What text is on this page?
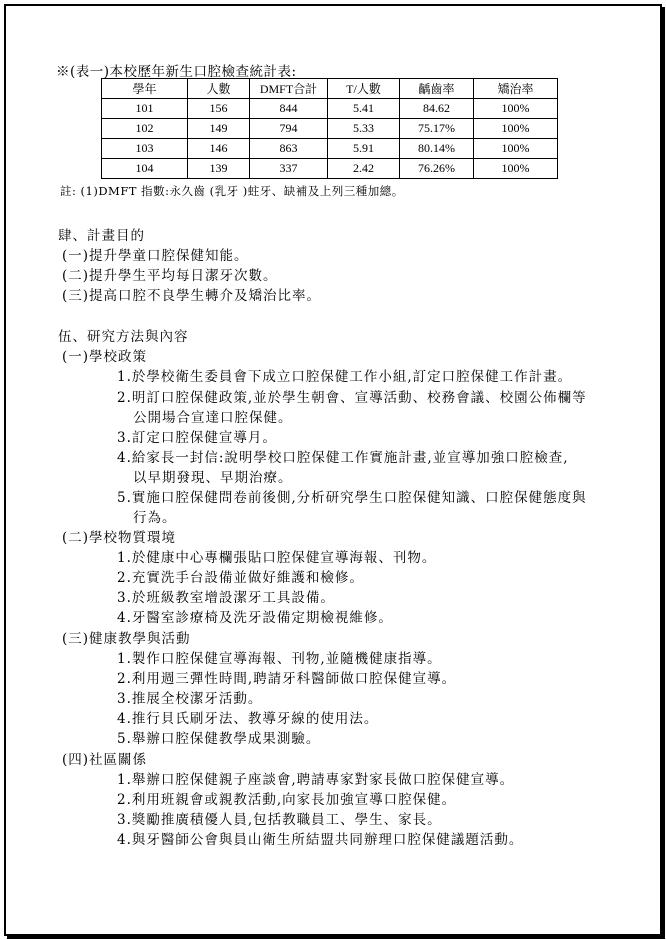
※(表一)本校歷年新生口腔檢查統計表:
學年	人數	DMFT合計	T/人數	齲齒率	矯治率
101	156	844	5.41	84.62	100%
102	149	794	5.33	75.17%	100%
103	146	863	5.91	80.14%	100%
104	139	337	2.42	76.26%	100%
註: (1)DMFT 指數:永久齒 (乳牙 )蛀牙、缺補及上列三種加總。
肆、計畫目的
(一)提升學童口腔保健知能。
(二)提升學生平均每日潔牙次數。
(三)提高口腔不良學生轉介及矯治比率。
伍、研究方法與內容
(一)學校政策
1.於學校衛生委員會下成立口腔保健工作小組,訂定口腔保健工作計畫。
2.明訂口腔保健政策,並於學生朝會、宣導活動、校務會議、校園公佈欄等
公開場合宣達口腔保健。
3.訂定口腔保健宣導月。
4.給家長一封信:說明學校口腔保健工作實施計畫,並宣導加強口腔檢查,
以早期發現、早期治療。
5.實施口腔保健問卷前後側,分析研究學生口腔保健知識、口腔保健態度與
行為。
(二)學校物質環境
1.於健康中心專欄張貼口腔保健宣導海報、刊物。
2.充實洗手台設備並做好維護和檢修。
3.於班級教室增設潔牙工具設備。
4.牙醫室診療椅及洗牙設備定期檢視維修。
(三)健康教學與活動
1.製作口腔保健宣導海報、刊物,並隨機健康指導。
2.利用週三彈性時間,聘請牙科醫師做口腔保健宣導。
3.推展全校潔牙活動。
4.推行貝氏刷牙法、教導牙線的使用法。
5.舉辦口腔保健教學成果測驗。
(四)社區關係
1.舉辦口腔保健親子座談會,聘請專家對家長做口腔保健宣導。
2.利用班親會或親教活動,向家長加強宣導口腔保健。
3.獎勵推廣積優人員,包括教職員工、學生、家長。
4.與牙醫師公會與員山衛生所結盟共同辦理口腔保健議題活動。
